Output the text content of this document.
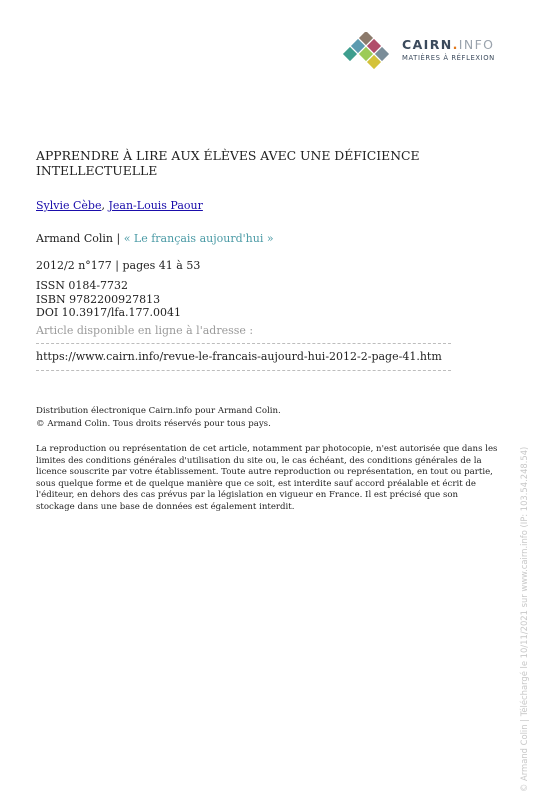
CAIRN.INFO
MATIÈRES À RÉFLEXION
APPRENDRE À LIRE AUX ÉLÈVES AVEC UNE DÉFICIENCE INTELLECTUELLE
Sylvie Cèbe, Jean-Louis Paour
Armand Colin | « Le français aujourd'hui »
2012/2 n°177 | pages 41 à 53
ISSN 0184-7732
ISBN 9782200927813
DOI 10.3917/lfa.177.0041
Article disponible en ligne à l'adresse :
https://www.cairn.info/revue-le-francais-aujourd-hui-2012-2-page-41.htm
Distribution électronique Cairn.info pour Armand Colin.
© Armand Colin. Tous droits réservés pour tous pays.
La reproduction ou représentation de cet article, notamment par photocopie, n'est autorisée que dans les limites des conditions générales d'utilisation du site ou, le cas échéant, des conditions générales de la licence souscrite par votre établissement. Toute autre reproduction ou représentation, en tout ou partie, sous quelque forme et de quelque manière que ce soit, est interdite sauf accord préalable et écrit de l'éditeur, en dehors des cas prévus par la législation en vigueur en France. Il est précisé que son stockage dans une base de données est également interdit.	© Armand Colin | Téléchargé le 10/11/2021 sur www.cairn.info (IP: 103.54.248.54)
